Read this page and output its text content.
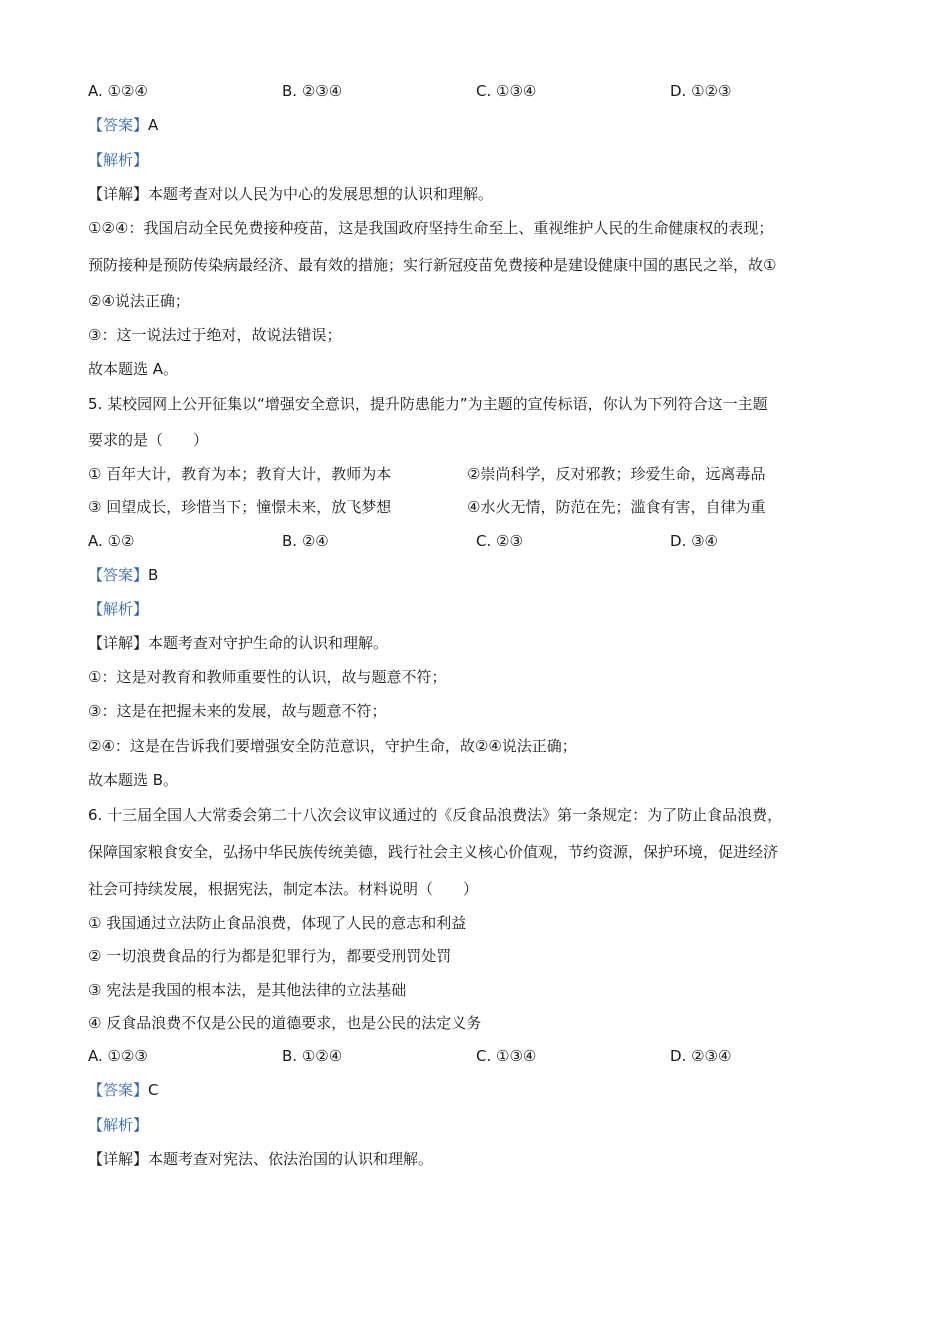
A. ①②④	B. ②③④	C. ①③④	D. ①②③
【答案】A
【解析】
【详解】本题考查对以人民为中心的发展思想的认识和理解。
①②④：我国启动全民免费接种疫苗，这是我国政府坚持生命至上、重视维护人民的生命健康权的表现；
预防接种是预防传染病最经济、最有效的措施；实行新冠疫苗免费接种是建设健康中国的惠民之举，故①
②④说法正确；
③：这一说法过于绝对，故说法错误；
故本题选 A。
5. 某校园网上公开征集以“增强安全意识，提升防患能力”为主题的宣传标语，你认为下列符合这一主题
要求的是（　　）
① 百年大计，教育为本；教育大计，教师为本	②崇尚科学，反对邪教；珍爱生命，远离毒品
③ 回望成长，珍惜当下；憧憬未来，放飞梦想	④水火无情，防范在先；滥食有害，自律为重
A. ①②	B. ②④	C. ②③	D. ③④
【答案】B
【解析】
【详解】本题考查对守护生命的认识和理解。
①：这是对教育和教师重要性的认识，故与题意不符；
③：这是在把握未来的发展，故与题意不符；
②④：这是在告诉我们要增强安全防范意识，守护生命，故②④说法正确；
故本题选 B。
6. 十三届全国人大常委会第二十八次会议审议通过的《反食品浪费法》第一条规定：为了防止食品浪费，
保障国家粮食安全，弘扬中华民族传统美德，践行社会主义核心价值观，节约资源，保护环境，促进经济
社会可持续发展，根据宪法，制定本法。材料说明（　　）
① 我国通过立法防止食品浪费，体现了人民的意志和利益
② 一切浪费食品的行为都是犯罪行为，都要受刑罚处罚
③ 宪法是我国的根本法，是其他法律的立法基础
④ 反食品浪费不仅是公民的道德要求，也是公民的法定义务
A. ①②③	B. ①②④	C. ①③④	D. ②③④
【答案】C
【解析】
【详解】本题考查对宪法、依法治国的认识和理解。
